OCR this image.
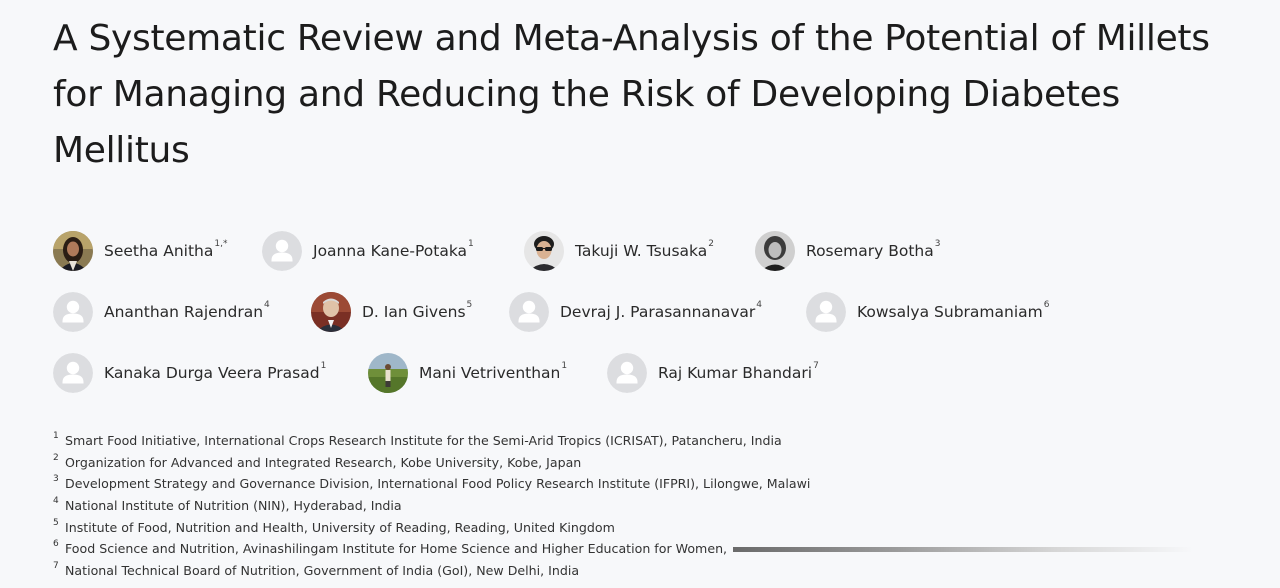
A Systematic Review and Meta-Analysis of the Potential of Millets for Managing and Reducing the Risk of Developing Diabetes Mellitus
Seetha Anitha$^{1,*}$	Joanna Kane-Potaka$^1$	Takuji W. Tsusaka$^2$	Rosemary Botha$^3$
Ananthan Rajendran$^4$	D. Ian Givens$^5$	Devraj J. Parasannanavar$^4$	Kowsalya Subramaniam$^6$
Kanaka Durga Veera Prasad$^1$	Mani Vetriventhan$^1$	Raj Kumar Bhandari$^7$
1 Smart Food Initiative, International Crops Research Institute for the Semi-Arid Tropics (ICRISAT), Patancheru, India
2 Organization for Advanced and Integrated Research, Kobe University, Kobe, Japan
3 Development Strategy and Governance Division, International Food Policy Research Institute (IFPRI), Lilongwe, Malawi
4 National Institute of Nutrition (NIN), Hyderabad, India
5 Institute of Food, Nutrition and Health, University of Reading, Reading, United Kingdom
6 Food Science and Nutrition, Avinashilingam Institute for Home Science and Higher Education for Women,
7 National Technical Board of Nutrition, Government of India (GoI), New Delhi, India
